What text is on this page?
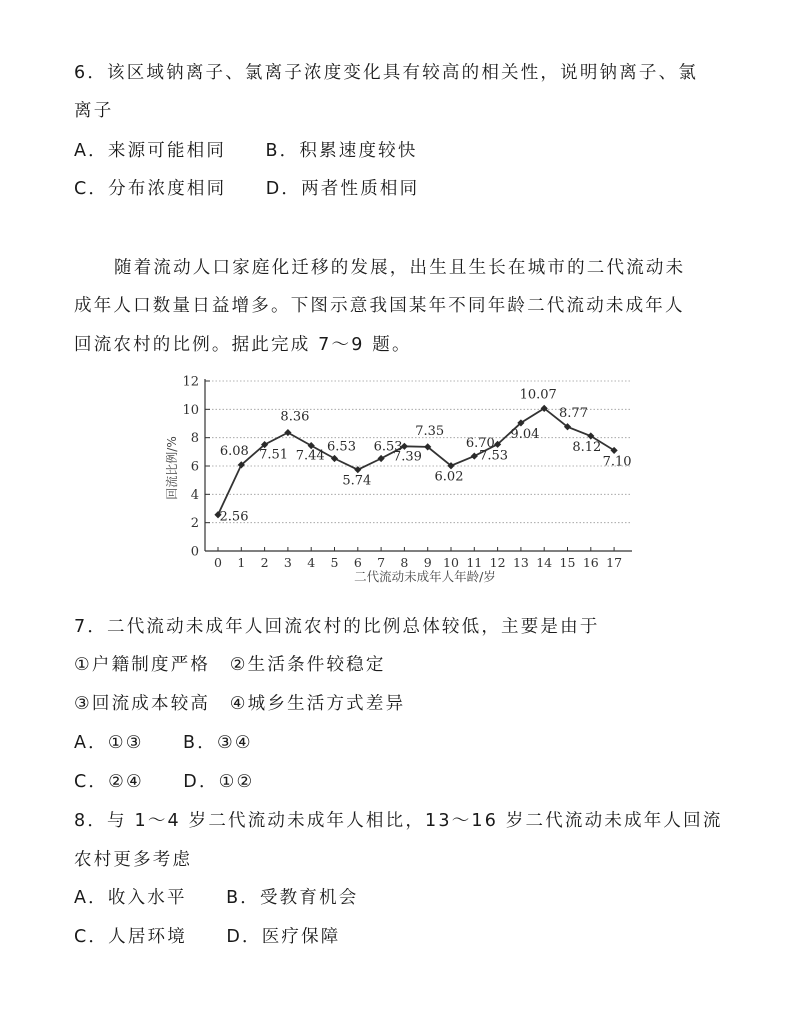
6．该区域钠离子、氯离子浓度变化具有较高的相关性，说明钠离子、氯
离子
A．来源可能相同　　B．积累速度较快
C．分布浓度相同　　D．两者性质相同
随着流动人口家庭化迁移的发展，出生且生长在城市的二代流动未
成年人口数量日益增多。下图示意我国某年不同年龄二代流动未成年人
回流农村的比例。据此完成 7～9 题。
0
2
4
6
8
10
12
0 1 2 3 4 5 6 7 8 9 10 11 12 13 14 15 16 17
2.56
6.08 7.51
8.36
7.44
6.53
5.74
6.53
7.39
7.35
6.02
6.70
7.53
9.04
10.07
8.77
8.12
7.10
回流比例/%
二代流动未成年人年龄/岁
7．二代流动未成年人回流农村的比例总体较低，主要是由于
①户籍制度严格　②生活条件较稳定
③回流成本较高　④城乡生活方式差异
A．①③　　B．③④
C．②④　　D．①②
8．与 1～4 岁二代流动未成年人相比，13～16 岁二代流动未成年人回流
农村更多考虑
A．收入水平　　B．受教育机会
C．人居环境　　D．医疗保障
